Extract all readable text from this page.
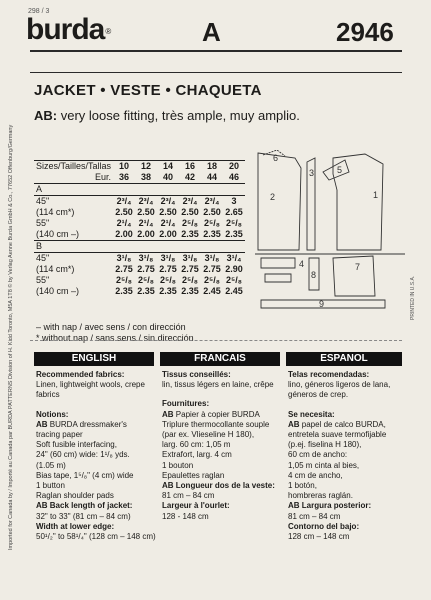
298 / 3
burda®	A	2946
JACKET • VESTE • CHAQUETA
AB: very loose fitting, très ample, muy amplio.
Sizes/Tailles/Tallas	10	12	14	16	18	20
Eur.	36	38	40	42	44	46
A						
45"	2³/₄	2³/₄	2³/₄	2³/₄	2³/₄	3
(114 cm*)	2.50	2.50	2.50	2.50	2.50	2.65
55"	2¹/₄	2¹/₄	2¹/₄	2⁵/₈	2⁵/₈	2⁵/₈
(140 cm –)	2.00	2.00	2.00	2.35	2.35	2.35
B						
45"	3¹/₈	3¹/₈	3¹/₈	3¹/₈	3¹/₈	3¹/₄
(114 cm*)	2.75	2.75	2.75	2.75	2.75	2.90
55"	2⁵/₈	2⁵/₈	2⁵/₈	2⁵/₈	2⁵/₈	2⁵/₈
(140 cm –)	2.35	2.35	2.35	2.35	2.45	2.45
– with nap / avec sens / con dirección
* without nap / sans sens / sin dirección
1
2
3
4
5
6
7
8
9
Imported for Canada by / Importé au Canada par BURDA PATTERNS Division of H. Kidd Toronto, M5A 1T8 © by Verlag Aenne Burda GmbH & Co., 77652 Offenburg/Germany	PRINTED IN U.S.A.
ENGLISH	FRANCAIS	ESPANOL
Recommended fabrics:
Linen, lightweight wools, crepe
fabrics
Notions:
AB BURDA dressmaker's
tracing paper
Soft fusible interfacing,
24" (60 cm) wide: 1¹/₈ yds.
(1.05 m)
Bias tape, 1⁵/₈" (4 cm) wide
1 button
Raglan shoulder pads
AB Back length of jacket:
32" to 33" (81 cm – 84 cm)
Width at lower edge:
50¹/₂" to 58¹/₄" (128 cm – 148 cm)
Tissus conseillés:
lin, tissus légers en laine, crêpe
Fournitures:
AB Papier à copier BURDA
Triplure thermocollante souple
(par ex. Vlieseline H 180),
larg. 60 cm: 1,05 m
Extrafort, larg. 4 cm
1 bouton
Epaulettes raglan
AB Longueur dos de la veste:
81 cm – 84 cm
Largeur à l'ourlet:
128 - 148 cm
Telas recomendadas:
lino, géneros ligeros de lana,
géneros de crep.
Se necesita:
AB papel de calco BURDA,
entretela suave termofijable
(p.ej. fiselina H 180),
60 cm de ancho:
1,05 m cinta al bies,
4 cm de ancho,
1 botón,
hombreras raglán.
AB Largura posterior:
81 cm – 84 cm
Contorno del bajo:
128 cm – 148 cm
